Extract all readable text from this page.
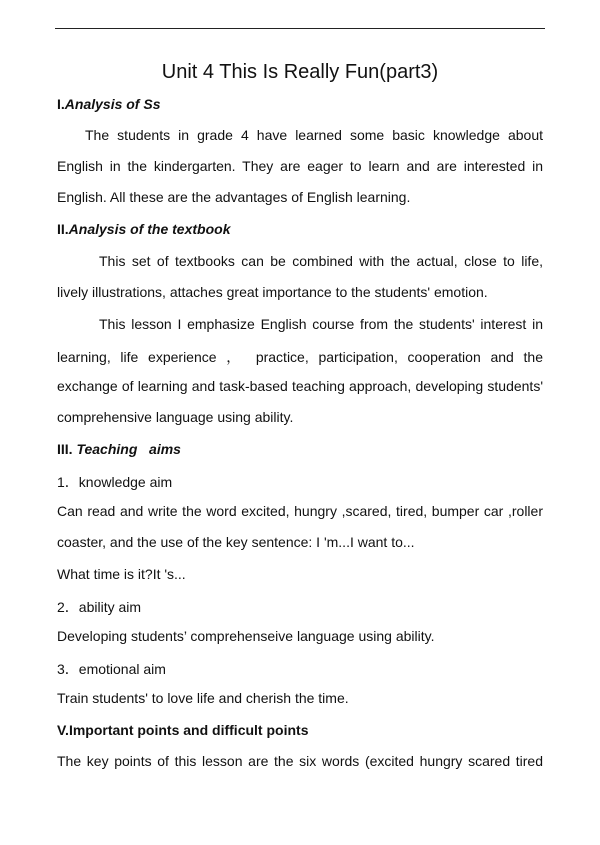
Unit 4 This Is Really Fun(part3)
I.Analysis of Ss
The students in grade 4 have learned some basic knowledge about
English in the kindergarten. They are eager to learn and are interested in
English. All these are the advantages of English learning.
II.Analysis of the textbook
This set of textbooks can be combined with the actual, close to life,
lively illustrations, attaches great importance to the students' emotion.
This lesson I emphasize English course from the students' interest in
learning, life experience ， practice, participation, cooperation and the
exchange of learning and task-based teaching approach, developing students'
comprehensive language using ability.
III. Teaching   aims
1．knowledge aim
Can read and write the word excited, hungry ,scared, tired, bumper car ,roller
coaster, and the use of the key sentence: I 'm...I want to...
What time is it?It 's...
2．ability aim
Developing students’ comprehenseive language using ability.
3．emotional aim
Train students' to love life and cherish the time.
V.Important points and difficult points
The key points of this lesson are the six words (excited hungry scared tired
